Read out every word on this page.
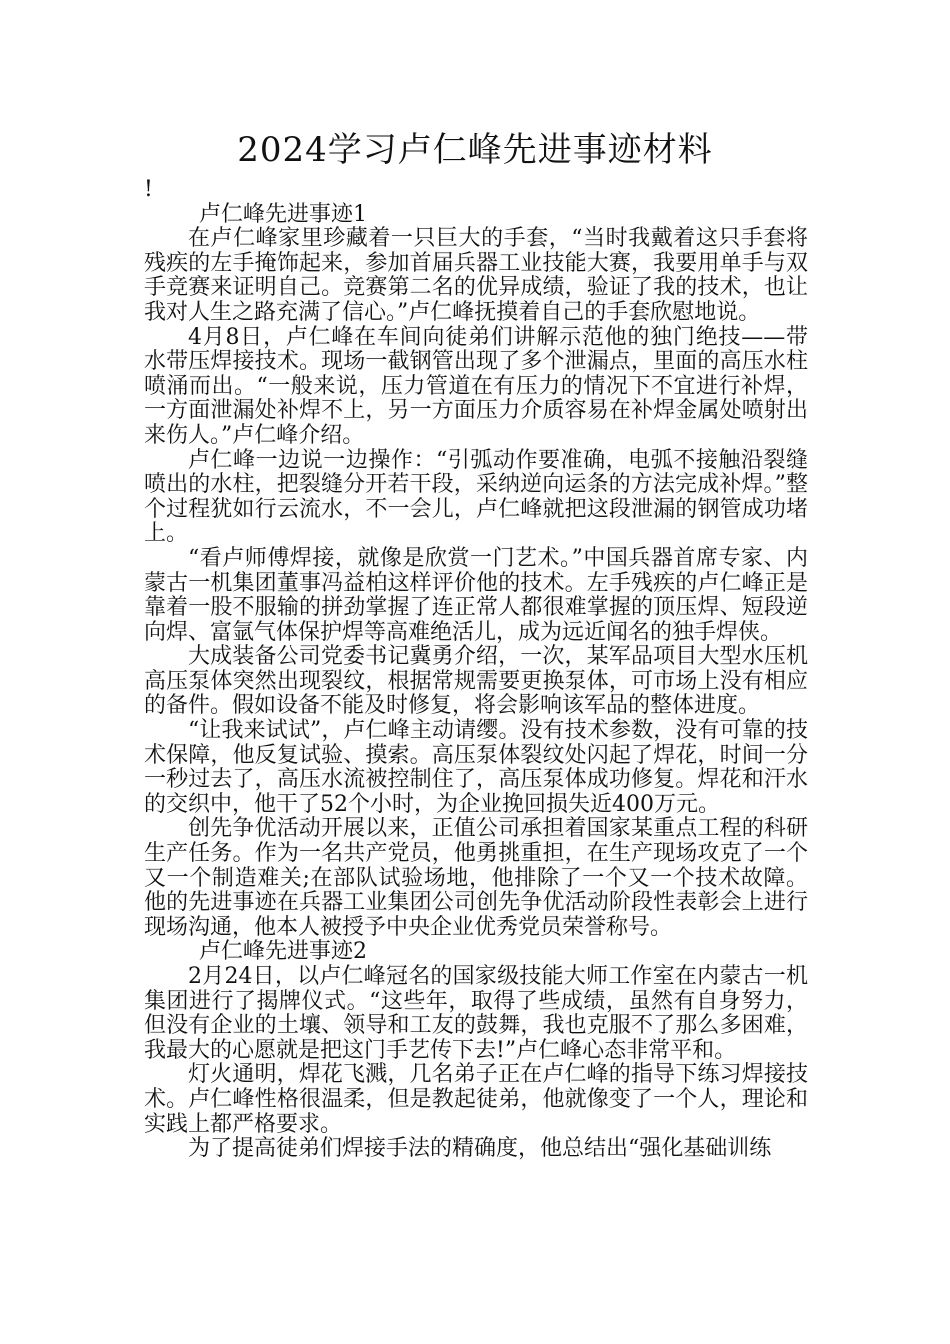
2024学习卢仁峰先进事迹材料

!

卢仁峰先进事迹1

在卢仁峰家里珍藏着一只巨大的手套，“当时我戴着这只手套将残疾的左手掩饰起来，参加首届兵器工业技能大赛，我要用单手与双手竞赛来证明自己。竞赛第二名的优异成绩，验证了我的技术，也让我对人生之路充满了信心。”卢仁峰抚摸着自己的手套欣慰地说。

4月8日，卢仁峰在车间向徒弟们讲解示范他的独门绝技——带水带压焊接技术。现场一截钢管出现了多个泄漏点，里面的高压水柱喷涌而出。“一般来说，压力管道在有压力的情况下不宜进行补焊，一方面泄漏处补焊不上，另一方面压力介质容易在补焊金属处喷射出来伤人。”卢仁峰介绍。

卢仁峰一边说一边操作：“引弧动作要准确，电弧不接触沿裂缝喷出的水柱，把裂缝分开若干段，采纳逆向运条的方法完成补焊。”整个过程犹如行云流水，不一会儿，卢仁峰就把这段泄漏的钢管成功堵上。

“看卢师傅焊接，就像是欣赏一门艺术。”中国兵器首席专家、内蒙古一机集团董事冯益柏这样评价他的技术。左手残疾的卢仁峰正是靠着一股不服输的拼劲掌握了连正常人都很难掌握的顶压焊、短段逆向焊、富氩气体保护焊等高难绝活儿，成为远近闻名的独手焊侠。

大成装备公司党委书记冀勇介绍，一次，某军品项目大型水压机高压泵体突然出现裂纹，根据常规需要更换泵体，可市场上没有相应的备件。假如设备不能及时修复，将会影响该军品的整体进度。

“让我来试试”，卢仁峰主动请缨。没有技术参数，没有可靠的技术保障，他反复试验、摸索。高压泵体裂纹处闪起了焊花，时间一分一秒过去了，高压水流被控制住了，高压泵体成功修复。焊花和汗水的交织中，他干了52个小时，为企业挽回损失近400万元。

创先争优活动开展以来，正值公司承担着国家某重点工程的科研生产任务。作为一名共产党员，他勇挑重担，在生产现场攻克了一个又一个制造难关;在部队试验场地，他排除了一个又一个技术故障。他的先进事迹在兵器工业集团公司创先争优活动阶段性表彰会上进行现场沟通，他本人被授予中央企业优秀党员荣誉称号。

卢仁峰先进事迹2

2月24日，以卢仁峰冠名的国家级技能大师工作室在内蒙古一机集团进行了揭牌仪式。“这些年，取得了些成绩，虽然有自身努力，但没有企业的土壤、领导和工友的鼓舞，我也克服不了那么多困难，我最大的心愿就是把这门手艺传下去!”卢仁峰心态非常平和。

灯火通明，焊花飞溅，几名弟子正在卢仁峰的指导下练习焊接技术。卢仁峰性格很温柔，但是教起徒弟，他就像变了一个人，理论和实践上都严格要求。

为了提高徒弟们焊接手法的精确度，他总结出“强化基础训练
